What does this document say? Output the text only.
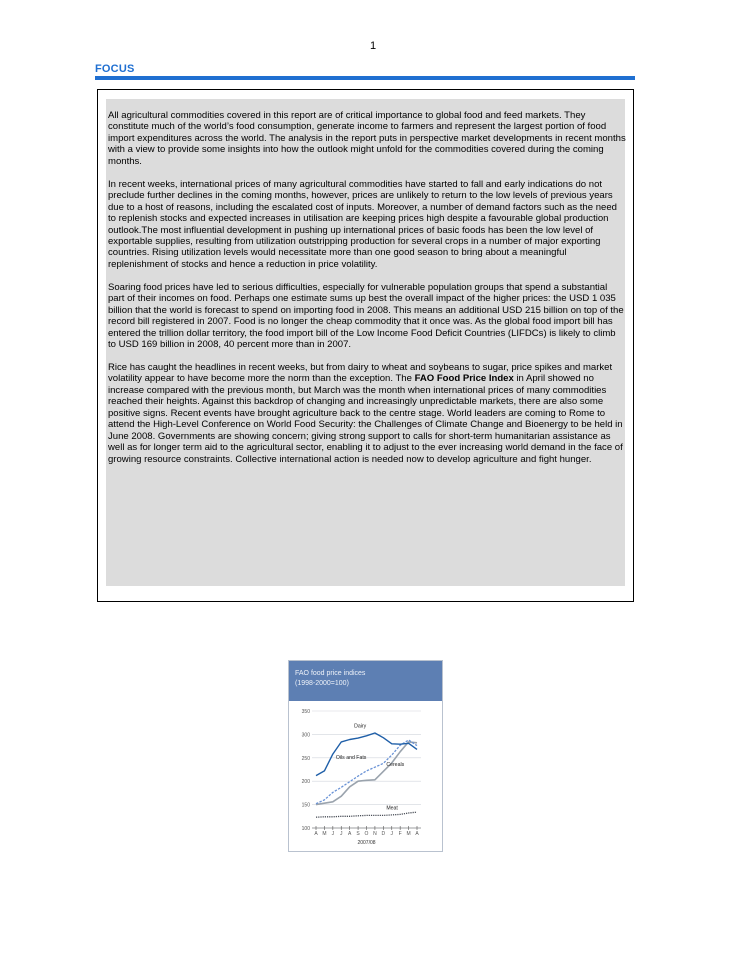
1
FOCUS

All agricultural commodities covered in this report are of critical importance to global food and feed markets. They constitute much of the world’s food consumption, generate income to farmers and represent the largest portion of food import expenditures across the world. The analysis in the report puts in perspective market developments in recent months with a view to provide some insights into how the outlook might unfold for the commodities covered during the coming months.

In recent weeks, international prices of many agricultural commodities have started to fall and early indications do not preclude further declines in the coming months, however, prices are unlikely to return to the low levels of previous years due to a host of reasons, including the escalated cost of inputs. Moreover, a number of demand factors such as the need to replenish stocks and expected increases in utilisation are keeping prices high despite a favourable global production outlook.The most influential development in pushing up international prices of basic foods has been the low level of exportable supplies, resulting from utilization outstripping production for several crops in a number of major exporting countries. Rising utilization levels would necessitate more than one good season to bring about a meaningful replenishment of stocks and hence a reduction in price volatility.

Soaring food prices have led to serious difficulties, especially for vulnerable population groups that spend a substantial part of their incomes on food. Perhaps one estimate sums up best the overall impact of the higher prices: the USD 1 035 billion that the world is forecast to spend on importing food in 2008. This means an additional USD 215 billion on top of the record bill registered in 2007. Food is no longer the cheap commodity that it once was. As the global food import bill has entered the trillion dollar territory, the food import bill of the Low Income Food Deficit Countries (LIFDCs) is likely to climb to USD 169 billion in 2008, 40 percent more than in 2007.

Rice has caught the headlines in recent weeks, but from dairy to wheat and soybeans to sugar, price spikes and market volatility appear to have become more the norm than the exception. The FAO Food Price Index in April showed no increase compared with the previous month, but March was the month when international prices of many commodities reached their heights. Against this backdrop of changing and increasingly unpredictable markets, there are also some positive signs. Recent events have brought agriculture back to the centre stage. World leaders are coming to Rome to attend the High-Level Conference on World Food Security: the Challenges of Climate Change and Bioenergy to be held in June 2008. Governments are showing concern; giving strong support to calls for short-term humanitarian assistance as well as for longer term aid to the agricultural sector, enabling it to adjust to the ever increasing world demand in the face of growing resource constraints. Collective international action is needed now to develop agriculture and fight hunger.

FAO food price indices
(1998-2000=100)
100
150
200
250
300
350
A M J J A S O N D J F M A
2007/08
Dairy
Oils and Fats
Cereals
Meat
